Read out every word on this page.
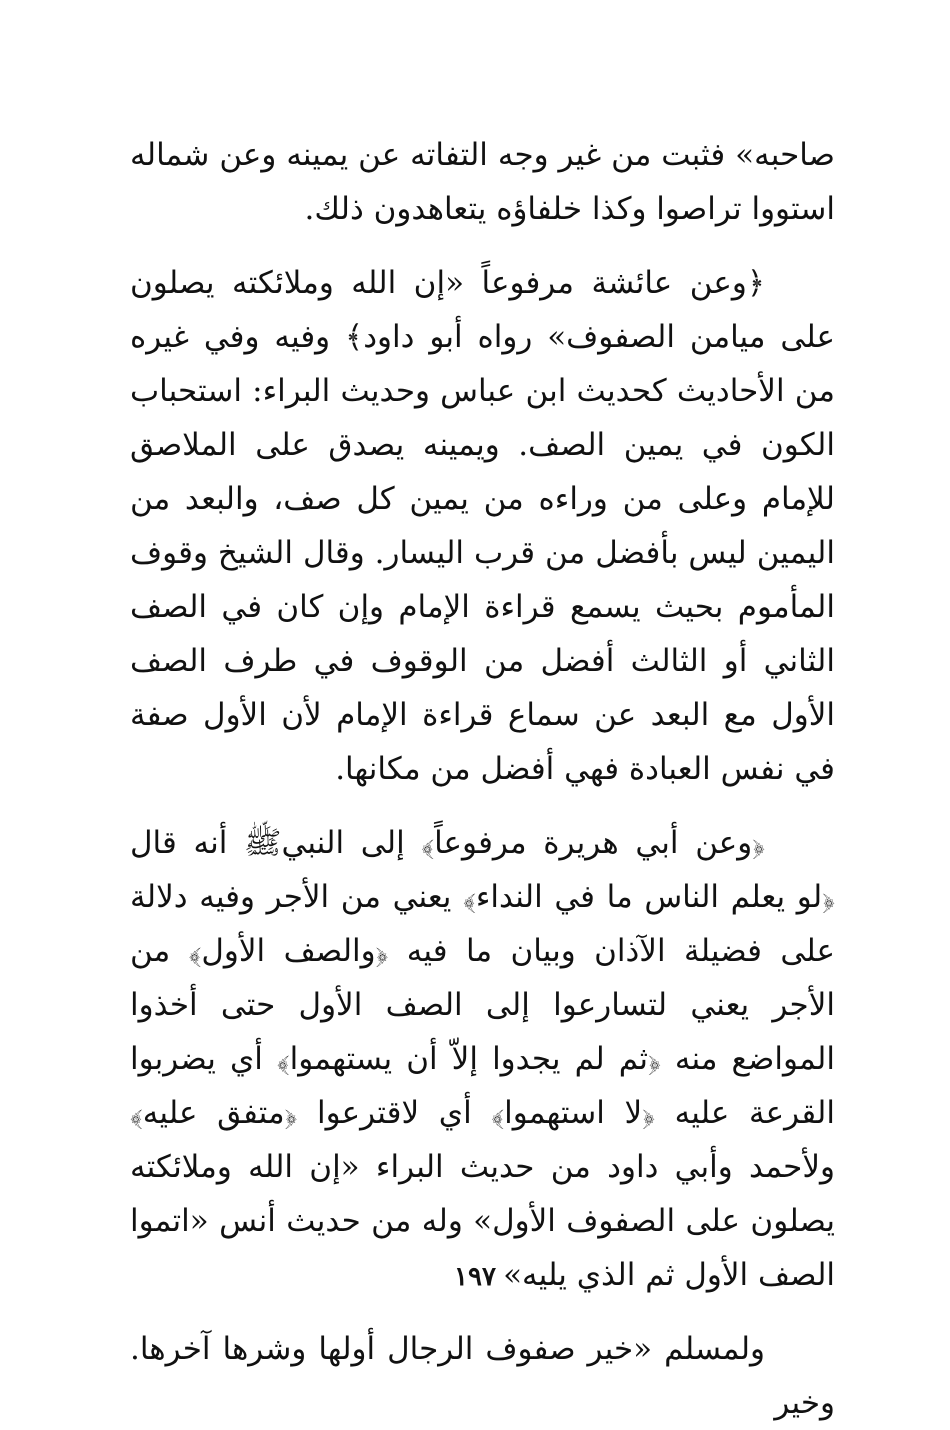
صاحبه» فثبت من غير وجه التفاته عن يمينه وعن شماله استووا تراصوا وكذا خلفاؤه يتعاهدون ذلك.

﴿وعن عائشة مرفوعاً «إن الله وملائكته يصلون على ميامن الصفوف» رواه أبو داود﴾ وفيه وفي غيره من الأحاديث كحديث ابن عباس وحديث البراء: استحباب الكون في يمين الصف. ويمينه يصدق على الملاصق للإمام وعلى من وراءه من يمين كل صف، والبعد من اليمين ليس بأفضل من قرب اليسار. وقال الشيخ وقوف المأموم بحيث يسمع قراءة الإمام وإن كان في الصف الثاني أو الثالث أفضل من الوقوف في طرف الصف الأول مع البعد عن سماع قراءة الإمام لأن الأول صفة في نفس العبادة فهي أفضل من مكانها.

﴿وعن أبي هريرة مرفوعاً﴾ إلى النبيﷺ أنه قال ﴿لو يعلم الناس ما في النداء﴾ يعني من الأجر وفيه دلالة على فضيلة الآذان وبيان ما فيه ﴿والصف الأول﴾ من الأجر يعني لتسارعوا إلى الصف الأول حتى أخذوا المواضع منه ﴿ثم لم يجدوا إلاّ أن يستهموا﴾ أي يضربوا القرعة عليه ﴿لا استهموا﴾ أي لاقترعوا ﴿متفق عليه﴾ ولأحمد وأبي داود من حديث البراء «إن الله وملائكته يصلون على الصفوف الأول» وله من حديث أنس «اتموا الصف الأول ثم الذي يليه»

ولمسلم «خير صفوف الرجال أولها وشرها آخرها. وخير

١٩٧
